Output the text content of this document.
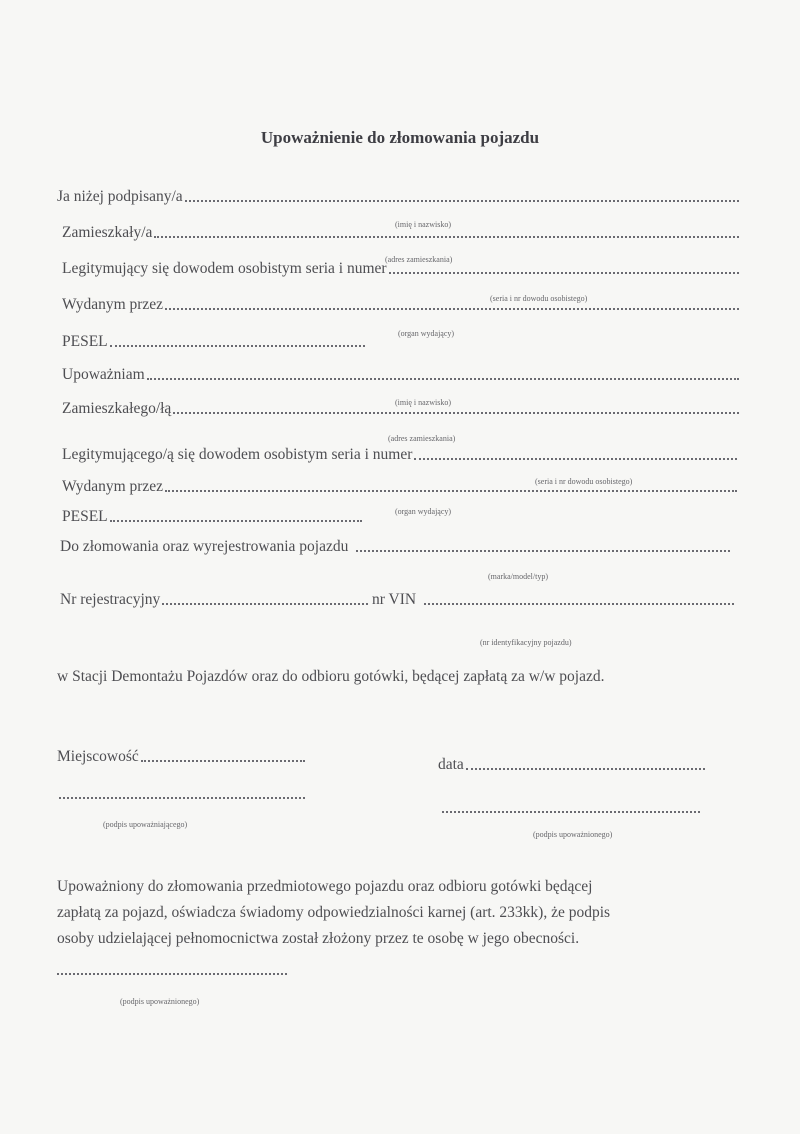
Upoważnienie do złomowania pojazdu
Ja niżej podpisany/a
(imię i nazwisko)
Zamieszkały/a
(adres zamieszkania)
Legitymujący się dowodem osobistym seria i numer
(seria i nr dowodu osobistego)
Wydanym przez
(organ wydający)
PESEL
Upoważniam
(imię i nazwisko)
Zamieszkałego/łą
(adres zamieszkania)
Legitymującego/ą się dowodem osobistym seria i numer
(seria i nr dowodu osobistego)
Wydanym przez
(organ wydający)
PESEL
Do złomowania oraz wyrejestrowania pojazdu
(marka/model/typ)
Nr rejestracyjny	nr VIN
(nr identyfikacyjny pojazdu)
w Stacji Demontażu Pojazdów oraz do odbioru gotówki, będącej zapłatą za w/w pojazd.
Miejscowość	data
(podpis upoważniającego)
(podpis upoważnionego)
Upoważniony do złomowania przedmiotowego pojazdu oraz odbioru gotówki będącej
zapłatą za pojazd, oświadcza świadomy odpowiedzialności karnej (art. 233kk), że podpis
osoby udzielającej pełnomocnictwa został złożony przez te osobę w jego obecności.
(podpis upoważnionego)
